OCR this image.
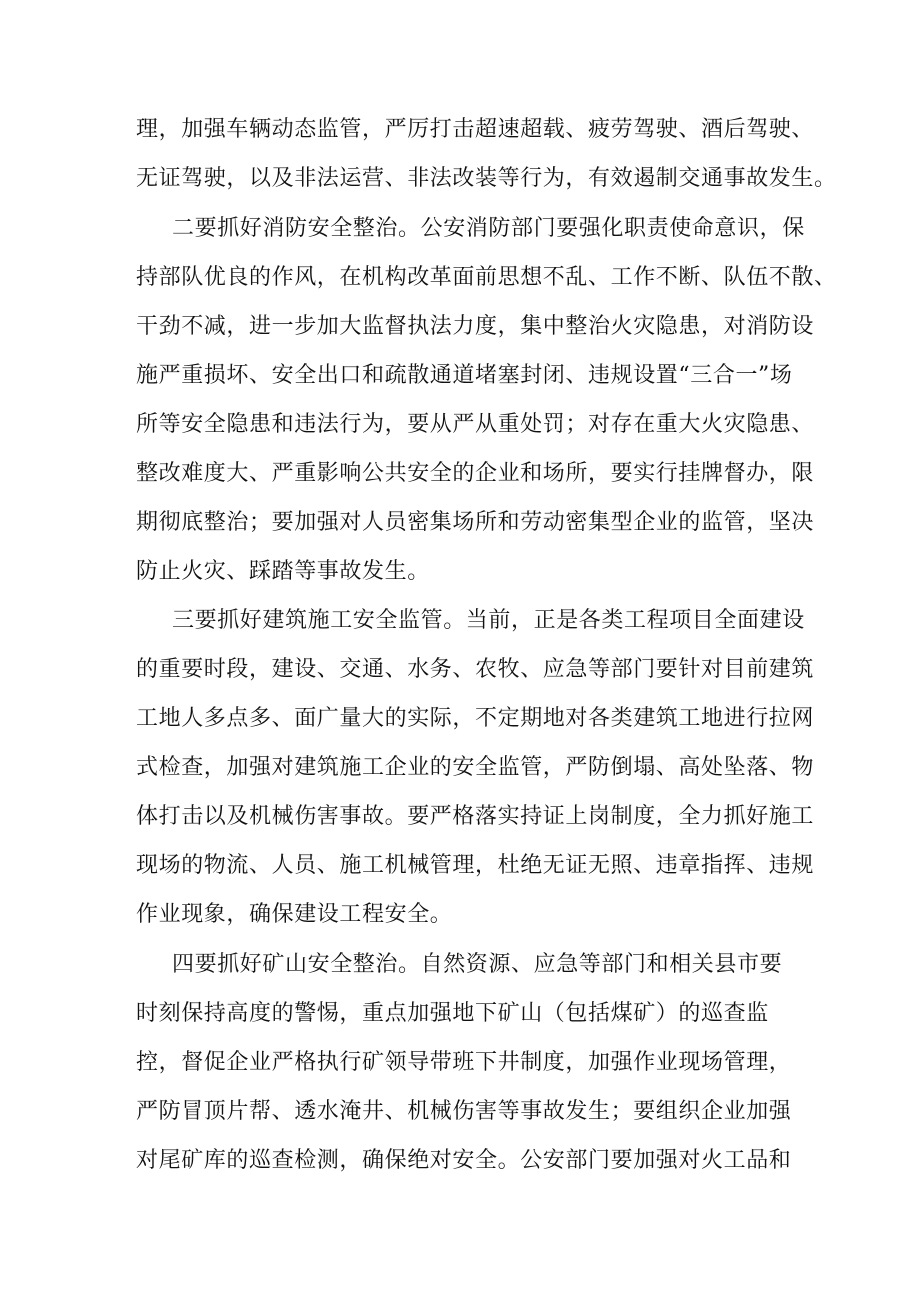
理，加强车辆动态监管，严厉打击超速超载、疲劳驾驶、酒后驾驶、
无证驾驶，以及非法运营、非法改装等行为，有效遏制交通事故发生。
二要抓好消防安全整治。公安消防部门要强化职责使命意识，保
持部队优良的作风，在机构改革面前思想不乱、工作不断、队伍不散、
干劲不减，进一步加大监督执法力度，集中整治火灾隐患，对消防设
施严重损坏、安全出口和疏散通道堵塞封闭、违规设置“三合一”场
所等安全隐患和违法行为，要从严从重处罚；对存在重大火灾隐患、
整改难度大、严重影响公共安全的企业和场所，要实行挂牌督办，限
期彻底整治；要加强对人员密集场所和劳动密集型企业的监管，坚决
防止火灾、踩踏等事故发生。
三要抓好建筑施工安全监管。当前，正是各类工程项目全面建设
的重要时段，建设、交通、水务、农牧、应急等部门要针对目前建筑
工地人多点多、面广量大的实际，不定期地对各类建筑工地进行拉网
式检查，加强对建筑施工企业的安全监管，严防倒塌、高处坠落、物
体打击以及机械伤害事故。要严格落实持证上岗制度，全力抓好施工
现场的物流、人员、施工机械管理，杜绝无证无照、违章指挥、违规
作业现象，确保建设工程安全。
四要抓好矿山安全整治。自然资源、应急等部门和相关县市要
时刻保持高度的警惕，重点加强地下矿山（包括煤矿）的巡查监
控，督促企业严格执行矿领导带班下井制度，加强作业现场管理，
严防冒顶片帮、透水淹井、机械伤害等事故发生；要组织企业加强
对尾矿库的巡查检测，确保绝对安全。公安部门要加强对火工品和
